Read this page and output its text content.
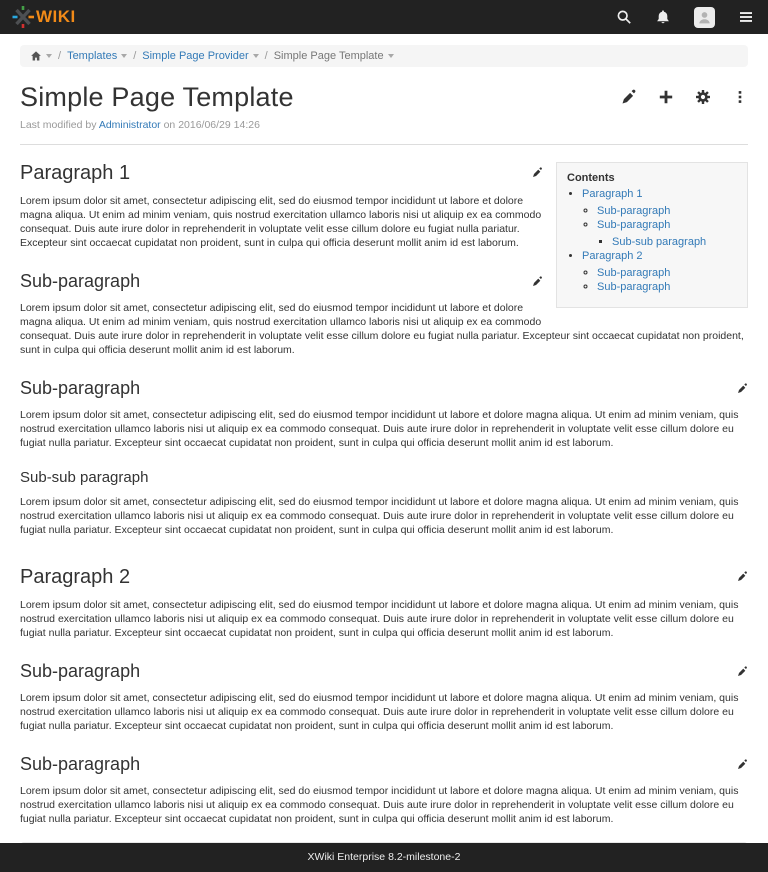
WIKI
/ Templates / Simple Page Provider / Simple Page Template
Simple Page Template
Last modified by Administrator on 2016/06/29 14:26
Contents
• Paragraph 1
◦ Sub-paragraph
◦ Sub-paragraph
▪ Sub-sub paragraph
• Paragraph 2
◦ Sub-paragraph
◦ Sub-paragraph
Paragraph 1

Lorem ipsum dolor sit amet, consectetur adipiscing elit, sed do eiusmod tempor incididunt ut labore et dolore magna aliqua. Ut enim ad minim veniam, quis nostrud exercitation ullamco laboris nisi ut aliquip ex ea commodo consequat. Duis aute irure dolor in reprehenderit in voluptate velit esse cillum dolore eu fugiat nulla pariatur. Excepteur sint occaecat cupidatat non proident, sunt in culpa qui officia deserunt mollit anim id est laborum.

Sub-paragraph

Lorem ipsum dolor sit amet, consectetur adipiscing elit, sed do eiusmod tempor incididunt ut labore et dolore magna aliqua. Ut enim ad minim veniam, quis nostrud exercitation ullamco laboris nisi ut aliquip ex ea commodo consequat. Duis aute irure dolor in reprehenderit in voluptate velit esse cillum dolore eu fugiat nulla pariatur. Excepteur sint occaecat cupidatat non proident, sunt in culpa qui officia deserunt mollit anim id est laborum.

Sub-paragraph

Lorem ipsum dolor sit amet, consectetur adipiscing elit, sed do eiusmod tempor incididunt ut labore et dolore magna aliqua. Ut enim ad minim veniam, quis nostrud exercitation ullamco laboris nisi ut aliquip ex ea commodo consequat. Duis aute irure dolor in reprehenderit in voluptate velit esse cillum dolore eu fugiat nulla pariatur. Excepteur sint occaecat cupidatat non proident, sunt in culpa qui officia deserunt mollit anim id est laborum.

Sub-sub paragraph

Lorem ipsum dolor sit amet, consectetur adipiscing elit, sed do eiusmod tempor incididunt ut labore et dolore magna aliqua. Ut enim ad minim veniam, quis nostrud exercitation ullamco laboris nisi ut aliquip ex ea commodo consequat. Duis aute irure dolor in reprehenderit in voluptate velit esse cillum dolore eu fugiat nulla pariatur. Excepteur sint occaecat cupidatat non proident, sunt in culpa qui officia deserunt mollit anim id est laborum.

Paragraph 2

Lorem ipsum dolor sit amet, consectetur adipiscing elit, sed do eiusmod tempor incididunt ut labore et dolore magna aliqua. Ut enim ad minim veniam, quis nostrud exercitation ullamco laboris nisi ut aliquip ex ea commodo consequat. Duis aute irure dolor in reprehenderit in voluptate velit esse cillum dolore eu fugiat nulla pariatur. Excepteur sint occaecat cupidatat non proident, sunt in culpa qui officia deserunt mollit anim id est laborum.

Sub-paragraph

Lorem ipsum dolor sit amet, consectetur adipiscing elit, sed do eiusmod tempor incididunt ut labore et dolore magna aliqua. Ut enim ad minim veniam, quis nostrud exercitation ullamco laboris nisi ut aliquip ex ea commodo consequat. Duis aute irure dolor in reprehenderit in voluptate velit esse cillum dolore eu fugiat nulla pariatur. Excepteur sint occaecat cupidatat non proident, sunt in culpa qui officia deserunt mollit anim id est laborum.

Sub-paragraph

Lorem ipsum dolor sit amet, consectetur adipiscing elit, sed do eiusmod tempor incididunt ut labore et dolore magna aliqua. Ut enim ad minim veniam, quis nostrud exercitation ullamco laboris nisi ut aliquip ex ea commodo consequat. Duis aute irure dolor in reprehenderit in voluptate velit esse cillum dolore eu fugiat nulla pariatur. Excepteur sint occaecat cupidatat non proident, sunt in culpa qui officia deserunt mollit anim id est laborum.

XWiki Enterprise 8.2-milestone-2
